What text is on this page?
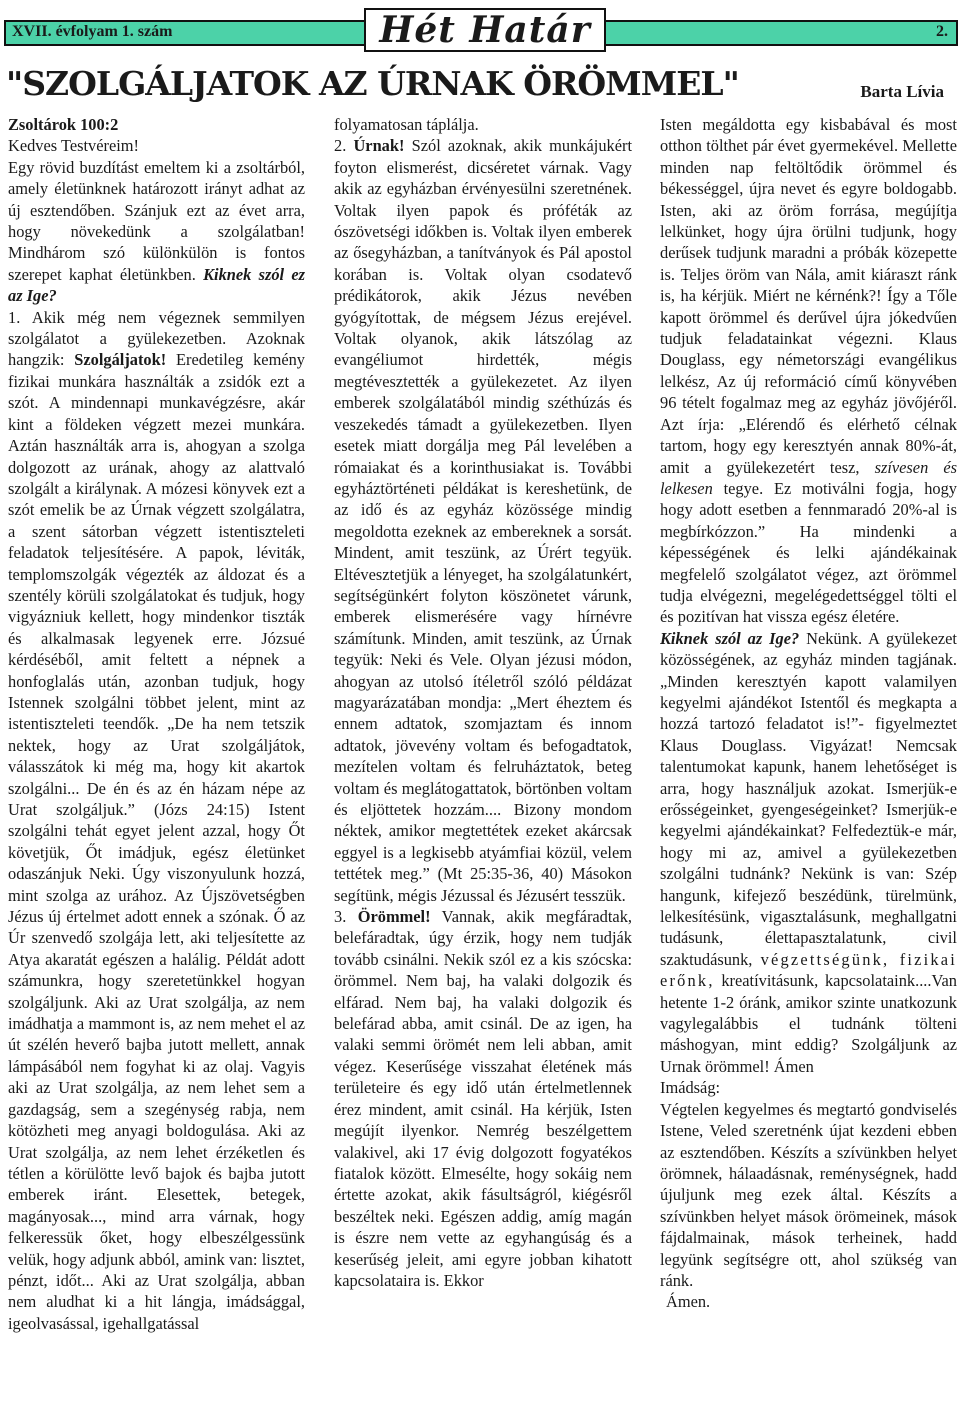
XVII. évfolyam 1. szám	Hét Határ	2.
"SZOLGÁLJATOK AZ ÚRNAK ÖRÖMMEL"	Barta Lívia

Zsoltárok 100:2

Kedves Testvéreim!

Egy rövid buzdítást emeltem ki a zsoltárból, amely életünknek határozott irányt adhat az új esztendőben. Szánjuk ezt az évet arra, hogy növekedünk a szolgálatban! Mindhárom szó különkülön is fontos szerepet kaphat életünkben. Kiknek szól ez az Ige?

1. Akik még nem végeznek semmilyen szolgálatot a gyülekezetben. Azoknak hangzik: Szolgáljatok! Eredetileg kemény fizikai munkára használták a zsidók ezt a szót. A mindennapi munkavégzésre, akár kint a földeken végzett mezei munkára. Aztán használták arra is, ahogyan a szolga dolgozott az urának, ahogy az alattvaló szolgált a királynak. A mózesi könyvek ezt a szót emelik be az Úrnak végzett szolgálatra, a szent sátorban végzett istentiszteleti feladatok teljesítésére. A papok, léviták, templomszolgák végezték az áldozat és a szentély körüli szolgálatokat és tudjuk, hogy vigyázniuk kellett, hogy mindenkor tiszták és alkalmasak legyenek erre. Józsué kérdéséből, amit feltett a népnek a honfoglalás után, azonban tudjuk, hogy Istennek szolgálni többet jelent, mint az istentiszteleti teendők. „De ha nem tetszik nektek, hogy az Urat szolgáljátok, válasszátok ki még ma, hogy kit akartok szolgálni... De én és az én házam népe az Urat szolgáljuk.” (Józs 24:15) Istent szolgálni tehát egyet jelent azzal, hogy Őt követjük, Őt imádjuk, egész életünket odaszánjuk Neki. Úgy viszonyulunk hozzá, mint szolga az urához. Az Újszövetségben Jézus új értelmet adott ennek a szónak. Ő az Úr szenvedő szolgája lett, aki teljesítette az Atya akaratát egészen a halálig. Példát adott számunkra, hogy szeretetünkkel hogyan szolgáljunk. Aki az Urat szolgálja, az nem imádhatja a mammont is, az nem mehet el az út szélén heverő bajba jutott mellett, annak lámpásából nem fogyhat ki az olaj. Vagyis aki az Urat szolgálja, az nem lehet sem a gazdagság, sem a szegénység rabja, nem kötözheti meg anyagi boldogulása. Aki az Urat szolgálja, az nem lehet érzéketlen és tétlen a körülötte levő bajok és bajba jutott emberek iránt. Elesettek, betegek, magányosak..., mind arra várnak, hogy felkeressük őket, hogy elbeszélgessünk velük, hogy adjunk abból, amink van: lisztet, pénzt, időt... Aki az Urat szolgálja, abban nem aludhat ki a hit lángja, imádsággal, igeolvasással, igehallgatással

folyamatosan táplálja.

2. Úrnak! Szól azoknak, akik munkájukért foyton elismerést, dicséretet várnak. Vagy akik az egyházban érvényesülni szeretnének. Voltak ilyen papok és próféták az ószövetségi időkben is. Voltak ilyen emberek az ősegyházban, a tanítványok és Pál apostol korában is. Voltak olyan csodatevő prédikátorok, akik Jézus nevében gyógyítottak, de mégsem Jézus erejével. Voltak olyanok, akik látszólag az evangéliumot hirdették, mégis megtévesztették a gyülekezetet. Az ilyen emberek szolgálatából mindig széthúzás és veszekedés támadt a gyülekezetben. Ilyen esetek miatt dorgálja meg Pál levelében a rómaiakat és a korinthusiakat is. További egyháztörténeti példákat is kereshetünk, de az idő és az egyház közössége mindig megoldotta ezeknek az embereknek a sorsát. Mindent, amit teszünk, az Úrért tegyük. Eltévesztetjük a lényeget, ha szolgálatunkért, segítségünkért folyton köszönetet várunk, emberek elismerésére vagy hírnévre számítunk. Minden, amit teszünk, az Úrnak tegyük: Neki és Vele. Olyan jézusi módon, ahogyan az utolsó ítéletről szóló példázat magyarázatában mondja: „Mert éheztem és ennem adtatok, szomjaztam és innom adtatok, jövevény voltam és befogadtatok, mezítelen voltam és felruháztatok, beteg voltam és meglátogattatok, börtönben voltam és eljöttetek hozzám.... Bizony mondom néktek, amikor megtettétek ezeket akárcsak eggyel is a legkisebb atyámfiai közül, velem tettétek meg.” (Mt 25:35-36, 40) Másokon segítünk, mégis Jézussal és Jézusért tesszük.

3. Örömmel! Vannak, akik megfáradtak, belefáradtak, úgy érzik, hogy nem tudják tovább csinálni. Nekik szól ez a kis szócska: örömmel. Nem baj, ha valaki dolgozik és elfárad. Nem baj, ha valaki dolgozik és belefárad abba, amit csinál. De az igen, ha valaki semmi örömét nem leli abban, amit végez. Keserűsége visszahat életének más területeire és egy idő után értelmetlennek érez mindent, amit csinál. Ha kérjük, Isten megújít ilyenkor. Nemrég beszélgettem valakivel, aki 17 évig dolgozott fogyatékos fiatalok között. Elmesélte, hogy sokáig nem értette azokat, akik fásultságról, kiégésről beszéltek neki. Egészen addig, amíg magán is észre nem vette az egyhangúság és a keserűség jeleit, ami egyre jobban kihatott kapcsolataira is. Ekkor

Isten megáldotta egy kisbabával és most otthon tölthet pár évet gyermekével. Mellette minden nap feltöltődik örömmel és békességgel, újra nevet és egyre boldogabb. Isten, aki az öröm forrása, megújítja lelkünket, hogy újra örülni tudjunk, hogy derűsek tudjunk maradni a próbák közepette is. Teljes öröm van Nála, amit kiáraszt ránk is, ha kérjük. Miért ne kérnénk?! Így a Tőle kapott örömmel és derűvel újra jókedvűen tudjuk feladatainkat végezni. Klaus Douglass, egy németországi evangélikus lelkész, Az új reformáció című könyvében 96 tételt fogalmaz meg az egyház jövőjéről. Azt írja: „Elérendő és elérhető célnak tartom, hogy egy keresztyén annak 80%-át, amit a gyülekezetért tesz, szívesen és lelkesen tegye. Ez motiválni fogja, hogy hogy adott esetben a fennmaradó 20%-al is megbírkózzon.” Ha mindenki a képességének és lelki ajándékainak megfelelő szolgálatot végez, azt örömmel tudja elvégezni, megelégedettséggel tölti el és pozitívan hat vissza egész életére.

Kiknek szól az Ige? Nekünk. A gyülekezet közösségének, az egyház minden tagjának. „Minden keresztyén kapott valamilyen kegyelmi ajándékot Istentől és megkapta a hozzá tartozó feladatot is!”- figyelmeztet Klaus Douglass. Vigyázat! Nemcsak talentumokat kapunk, hanem lehetőséget is arra, hogy használjuk azokat. Ismerjük-e erősségeinket, gyengeségeinket? Ismerjük-e kegyelmi ajándékainkat? Felfedeztük-e már, hogy mi az, amivel a gyülekezetben szolgálni tudnánk? Nekünk is van: Szép hangunk, kifejező beszédünk, türelmünk, lelkesítésünk, vigasztalásunk, meghallgatni tudásunk, élettapasztalatunk, civil szaktudásunk, végzettségünk, fizikai erőnk, kreatívitásunk, kapcsolataink....Van hetente 1-2 óránk, amikor szinte unatkozunk vagylegalábbis el tudnánk tölteni máshogyan, mint eddig? Szolgáljunk az Urnak örömmel! Ámen

Imádság:

Végtelen kegyelmes és megtartó gondviselés Istene, Veled szeretnénk újat kezdeni ebben az esztendőben. Készíts a szívünkben helyet örömnek, hálaadásnak, reménységnek, hadd újuljunk meg ezek által. Készíts a szívünkben helyet mások örömeinek, mások fájdalmainak, mások terheinek, hadd legyünk segítségre ott, ahol szükség van ránk.

Ámen.
